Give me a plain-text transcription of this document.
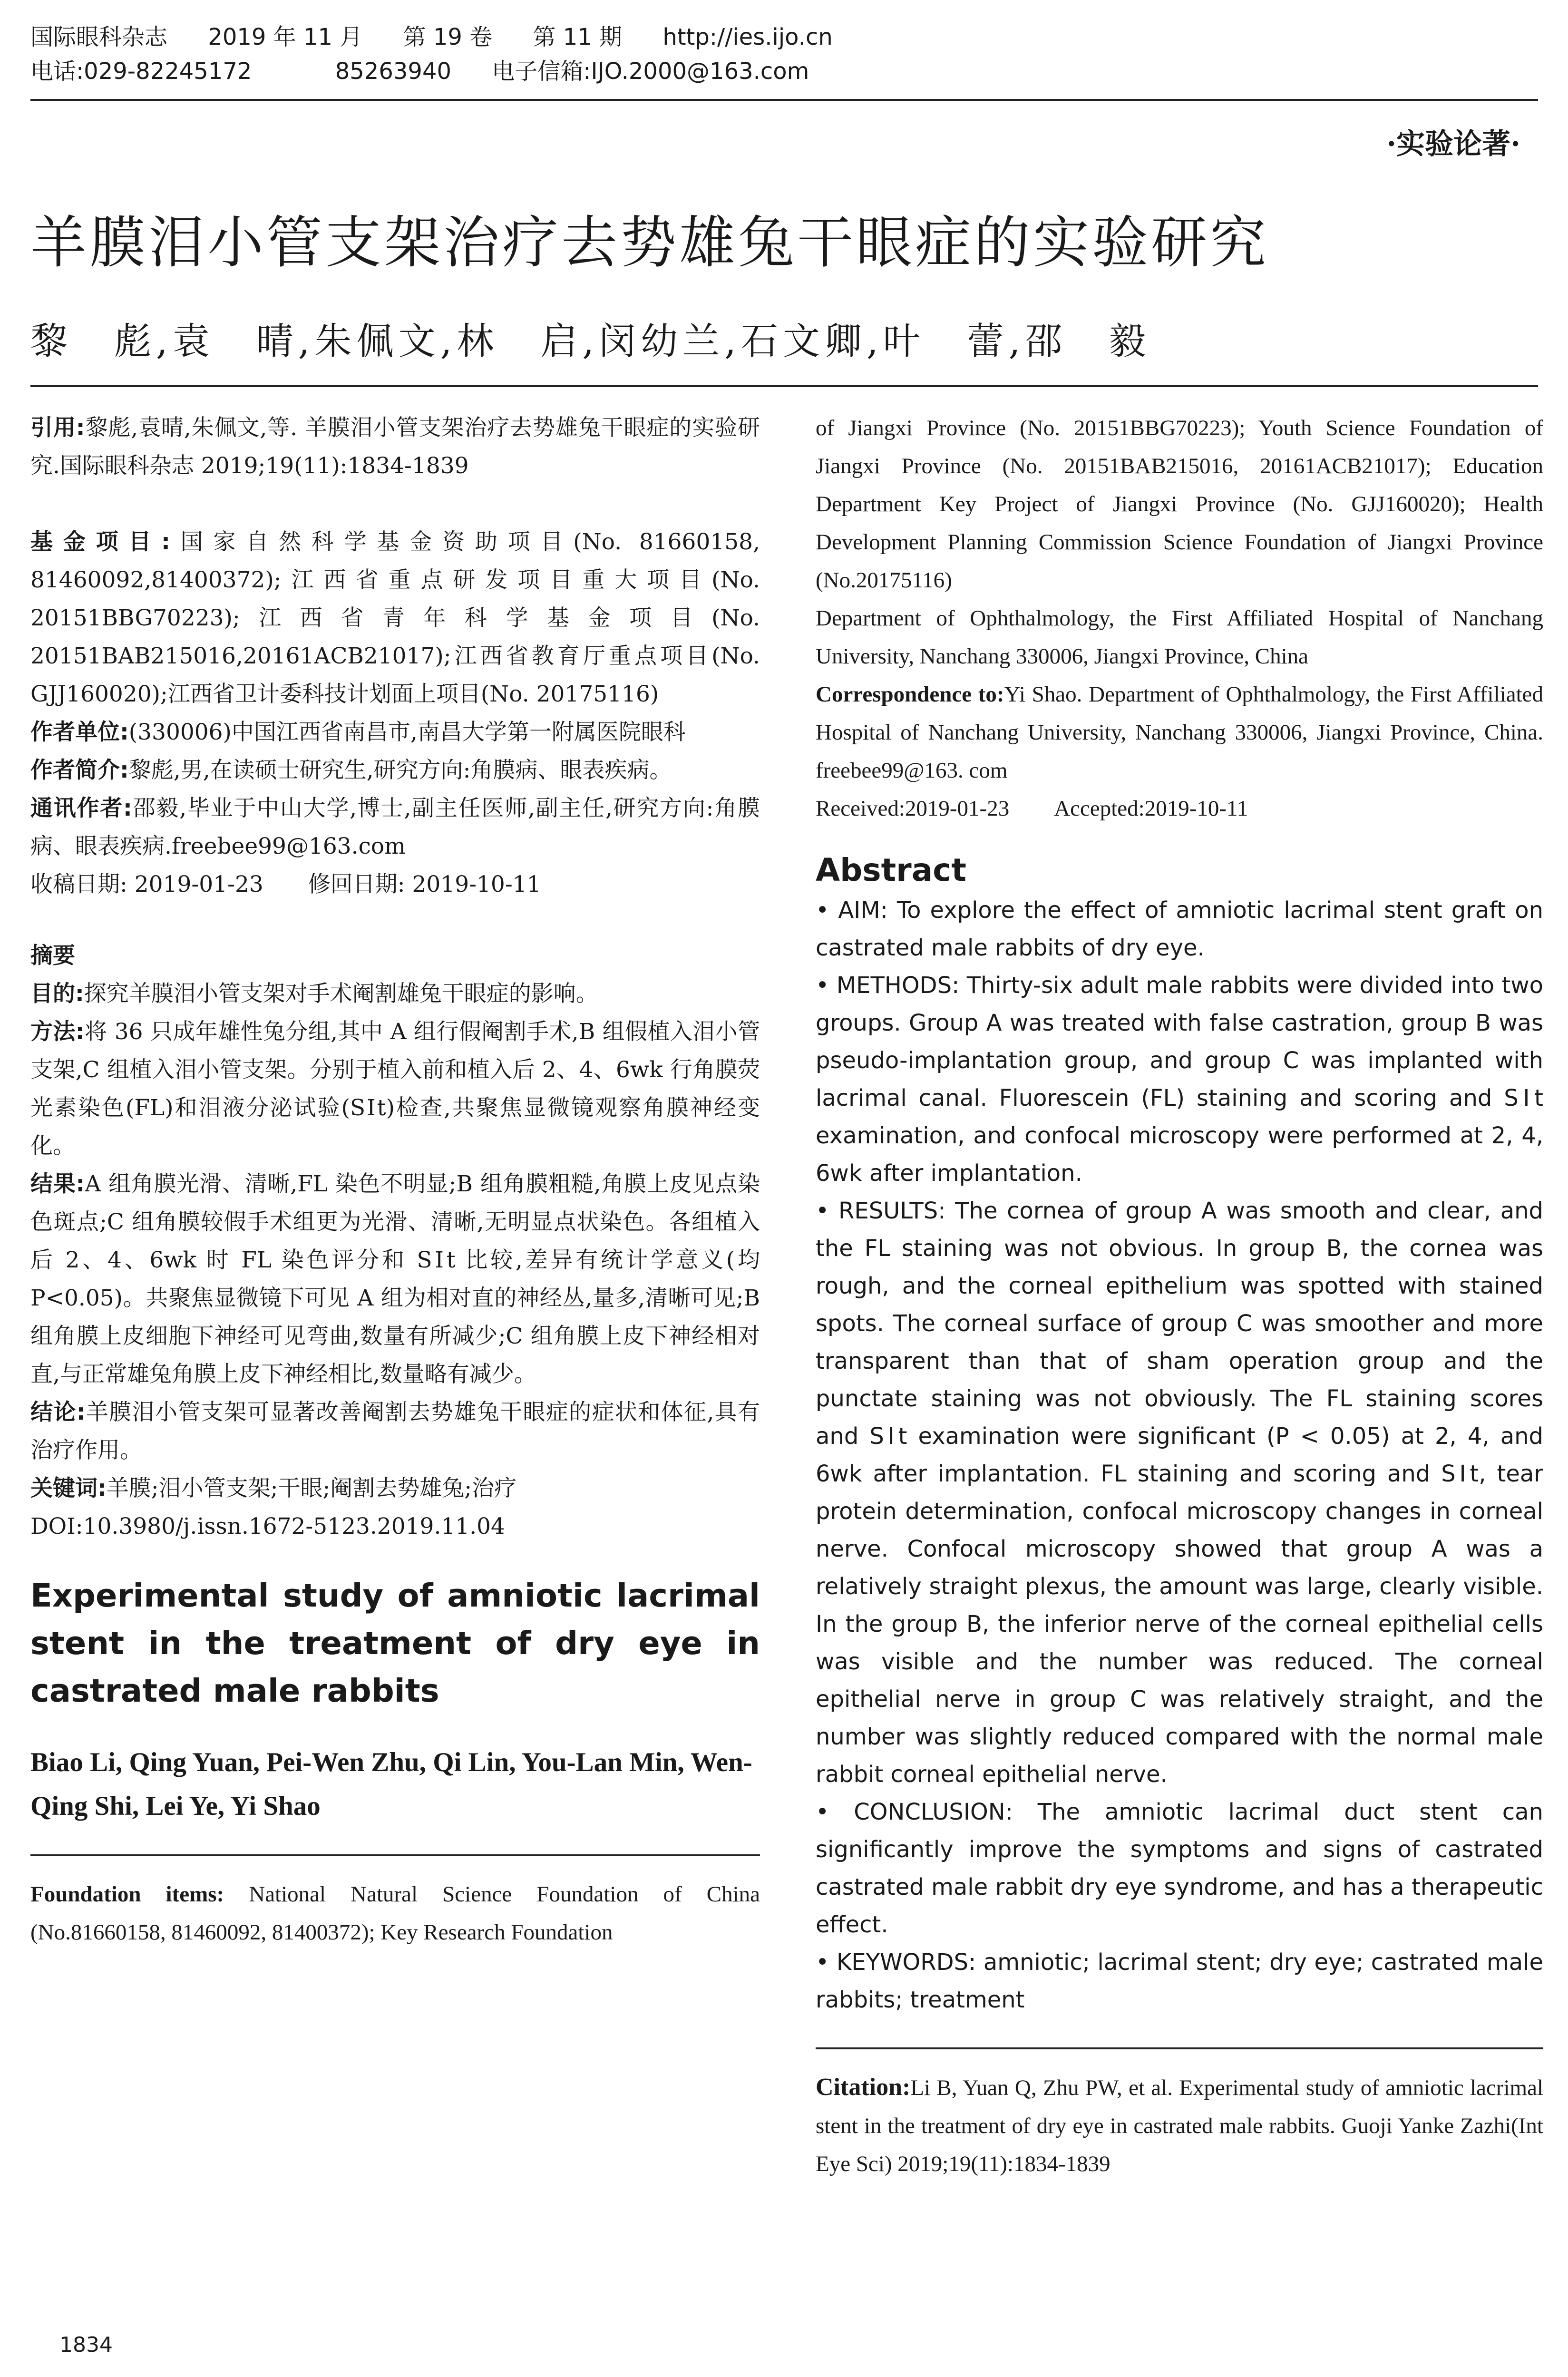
国际眼科杂志 2019 年 11 月 第 19 卷 第 11 期 http://ies.ijo.cn
电话:029-82245172	85263940 电子信箱:IJO.2000@163.com
·实验论著·
羊膜泪小管支架治疗去势雄兔干眼症的实验研究
黎　彪,袁　晴,朱佩文,林　启,闵幼兰,石文卿,叶　蕾,邵　毅

引用:黎彪,袁晴,朱佩文,等. 羊膜泪小管支架治疗去势雄兔干眼症的实验研究.国际眼科杂志 2019;19(11):1834-1839

基金项目:国家自然科学基金资助项目(No. 81660158, 81460092,81400372);江西省重点研发项目重大项目(No. 20151BBG70223);江西省青年科学基金项目(No. 20151BAB215016,20161ACB21017);江西省教育厅重点项目(No. GJJ160020);江西省卫计委科技计划面上项目(No. 20175116)

作者单位:(330006)中国江西省南昌市,南昌大学第一附属医院眼科

作者简介:黎彪,男,在读硕士研究生,研究方向:角膜病、眼表疾病。

通讯作者:邵毅,毕业于中山大学,博士,副主任医师,副主任,研究方向:角膜病、眼表疾病.freebee99@163.com

收稿日期: 2019-01-23　　修回日期: 2019-10-11

摘要

目的:探究羊膜泪小管支架对手术阉割雄兔干眼症的影响。

方法:将 36 只成年雄性兔分组,其中 A 组行假阉割手术,B 组假植入泪小管支架,C 组植入泪小管支架。分别于植入前和植入后 2、4、6wk 行角膜荧光素染色(FL)和泪液分泌试验(SⅠt)检查,共聚焦显微镜观察角膜神经变化。

结果:A 组角膜光滑、清晰,FL 染色不明显;B 组角膜粗糙,角膜上皮见点染色斑点;C 组角膜较假手术组更为光滑、清晰,无明显点状染色。各组植入后 2、4、6wk 时 FL 染色评分和 SⅠt 比较,差异有统计学意义(均 P<0.05)。共聚焦显微镜下可见 A 组为相对直的神经丛,量多,清晰可见;B 组角膜上皮细胞下神经可见弯曲,数量有所减少;C 组角膜上皮下神经相对直,与正常雄兔角膜上皮下神经相比,数量略有减少。

结论:羊膜泪小管支架可显著改善阉割去势雄兔干眼症的症状和体征,具有治疗作用。

关键词:羊膜;泪小管支架;干眼;阉割去势雄兔;治疗

DOI:10.3980/j.issn.1672-5123.2019.11.04

Experimental study of amniotic lacrimal stent in the treatment of dry eye in castrated male rabbits
Biao Li, Qing Yuan, Pei-Wen Zhu, Qi Lin, You-Lan Min, Wen-Qing Shi, Lei Ye, Yi Shao

Foundation items: National Natural Science Foundation of China (No.81660158, 81460092, 81400372); Key Research Foundation

of Jiangxi Province (No. 20151BBG70223); Youth Science Foundation of Jiangxi Province (No. 20151BAB215016, 20161ACB21017); Education Department Key Project of Jiangxi Province (No. GJJ160020); Health Development Planning Commission Science Foundation of Jiangxi Province (No.20175116)

Department of Ophthalmology, the First Affiliated Hospital of Nanchang University, Nanchang 330006, Jiangxi Province, China

Correspondence to:Yi Shao. Department of Ophthalmology, the First Affiliated Hospital of Nanchang University, Nanchang 330006, Jiangxi Province, China. freebee99@163. com

Received:2019-01-23　　Accepted:2019-10-11

Abstract

• AIM: To explore the effect of amniotic lacrimal stent graft on castrated male rabbits of dry eye.

• METHODS: Thirty-six adult male rabbits were divided into two groups. Group A was treated with false castration, group B was pseudo-implantation group, and group C was implanted with lacrimal canal. Fluorescein (FL) staining and scoring and SⅠt examination, and confocal microscopy were performed at 2, 4, 6wk after implantation.

• RESULTS: The cornea of group A was smooth and clear, and the FL staining was not obvious. In group B, the cornea was rough, and the corneal epithelium was spotted with stained spots. The corneal surface of group C was smoother and more transparent than that of sham operation group and the punctate staining was not obviously. The FL staining scores and SⅠt examination were significant (P < 0.05) at 2, 4, and 6wk after implantation. FL staining and scoring and SⅠt, tear protein determination, confocal microscopy changes in corneal nerve. Confocal microscopy showed that group A was a relatively straight plexus, the amount was large, clearly visible. In the group B, the inferior nerve of the corneal epithelial cells was visible and the number was reduced. The corneal epithelial nerve in group C was relatively straight, and the number was slightly reduced compared with the normal male rabbit corneal epithelial nerve.

• CONCLUSION: The amniotic lacrimal duct stent can significantly improve the symptoms and signs of castrated castrated male rabbit dry eye syndrome, and has a therapeutic effect.

• KEYWORDS: amniotic; lacrimal stent; dry eye; castrated male rabbits; treatment

Citation:Li B, Yuan Q, Zhu PW, et al. Experimental study of amniotic lacrimal stent in the treatment of dry eye in castrated male rabbits. Guoji Yanke Zazhi(Int Eye Sci) 2019;19(11):1834-1839

1834
